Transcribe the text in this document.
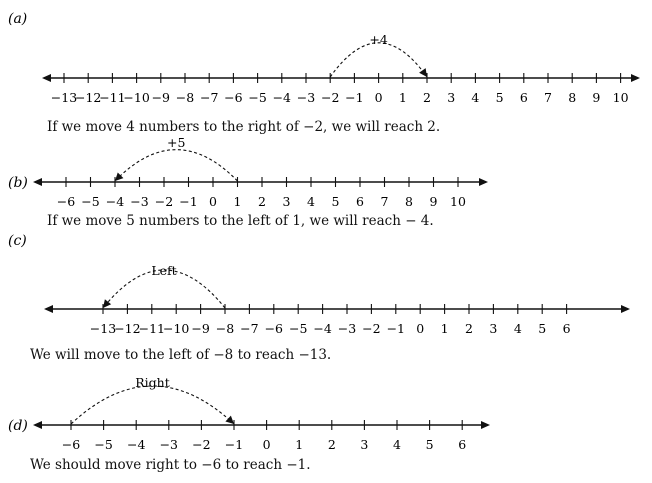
(a)
−13
−12
−11
−10 −9 −8 −7 −6 −5 −4 −3 −2 −1 0 1 2 3 4 5 6 7 8 9 10
+4
(b)
−6 −5 −4 −3 −2 −1 0 1 2 3 4 5 6 7 8 9 10
+5
(c)
−13
−12
−11
−10 −9 −8 −7 −6 −5 −4 −3 −2 −1 0 1 2 3 4 5 6
Left
(d)
−6 −5 −4 −3 −2 −1 0 1 2 3 4 5 6
Right
If we move 4 numbers to the right of −2, we will reach 2.
If we move 5 numbers to the left of 1, we will reach − 4.
We will move to the left of −8 to reach −13.
We should move right to −6 to reach −1.
